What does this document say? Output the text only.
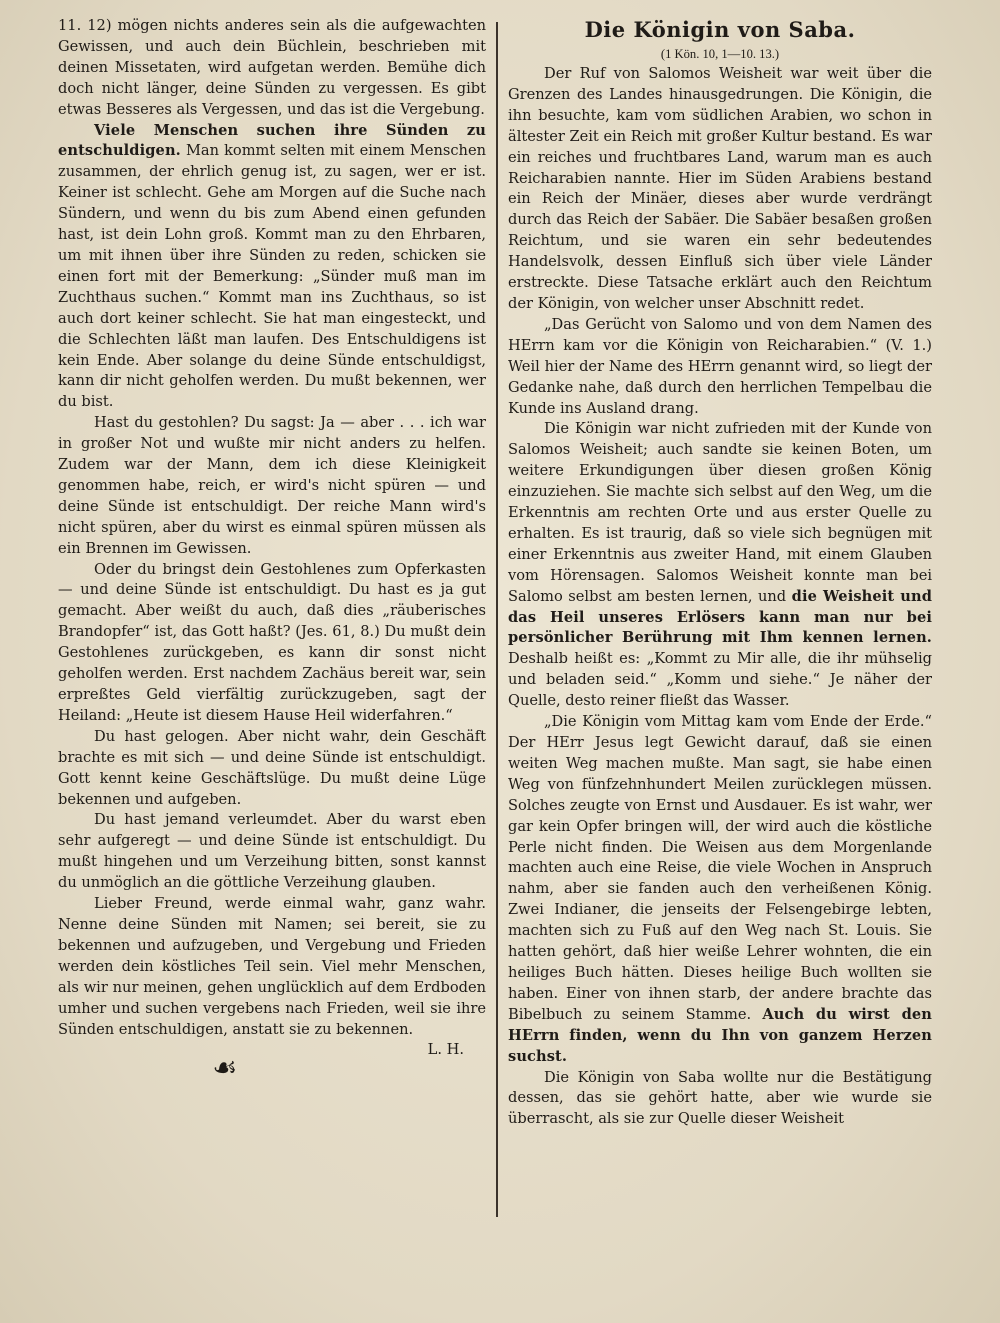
11. 12) mögen nichts anderes sein als die aufgewachten Gewissen, und auch dein Büchlein, beschrieben mit deinen Missetaten, wird aufgetan werden. Bemühe dich doch nicht länger, deine Sünden zu vergessen. Es gibt etwas Besseres als Vergessen, und das ist die Vergebung.

Viele Menschen suchen ihre Sünden zu entschuldigen. Man kommt selten mit einem Menschen zusammen, der ehrlich genug ist, zu sagen, wer er ist. Keiner ist schlecht. Gehe am Morgen auf die Suche nach Sündern, und wenn du bis zum Abend einen gefunden hast, ist dein Lohn groß. Kommt man zu den Ehrbaren, um mit ihnen über ihre Sünden zu reden, schicken sie einen fort mit der Bemerkung: „Sünder muß man im Zuchthaus suchen.“ Kommt man ins Zuchthaus, so ist auch dort keiner schlecht. Sie hat man eingesteckt, und die Schlechten läßt man laufen. Des Entschuldigens ist kein Ende. Aber solange du deine Sünde entschuldigst, kann dir nicht geholfen werden. Du mußt bekennen, wer du bist.

Hast du gestohlen? Du sagst: Ja — aber . . . ich war in großer Not und wußte mir nicht anders zu helfen. Zudem war der Mann, dem ich diese Kleinigkeit genommen habe, reich, er wird's nicht spüren — und deine Sünde ist entschuldigt. Der reiche Mann wird's nicht spüren, aber du wirst es einmal spüren müssen als ein Brennen im Gewissen.

Oder du bringst dein Gestohlenes zum Opferkasten — und deine Sünde ist entschuldigt. Du hast es ja gut gemacht. Aber weißt du auch, daß dies „räuberisches Brandopfer“ ist, das Gott haßt? (Jes. 61, 8.) Du mußt dein Gestohlenes zurückgeben, es kann dir sonst nicht geholfen werden. Erst nachdem Zachäus bereit war, sein erpreßtes Geld vierfältig zurückzugeben, sagt der Heiland: „Heute ist diesem Hause Heil widerfahren.“

Du hast gelogen. Aber nicht wahr, dein Geschäft brachte es mit sich — und deine Sünde ist entschuldigt. Gott kennt keine Geschäftslüge. Du mußt deine Lüge bekennen und aufgeben.

Du hast jemand verleumdet. Aber du warst eben sehr aufgeregt — und deine Sünde ist entschuldigt. Du mußt hingehen und um Verzeihung bitten, sonst kannst du unmöglich an die göttliche Verzeihung glauben.

Lieber Freund, werde einmal wahr, ganz wahr. Nenne deine Sünden mit Namen; sei bereit, sie zu bekennen und aufzugeben, und Vergebung und Frieden werden dein köstliches Teil sein. Viel mehr Menschen, als wir nur meinen, gehen unglücklich auf dem Erdboden umher und suchen vergebens nach Frieden, weil sie ihre Sünden entschuldigen, anstatt sie zu bekennen.
L. H.

☙
Die Königin von Saba.
(1 Kön. 10, 1—10. 13.)

Der Ruf von Salomos Weisheit war weit über die Grenzen des Landes hinausgedrungen. Die Königin, die ihn besuchte, kam vom südlichen Arabien, wo schon in ältester Zeit ein Reich mit großer Kultur bestand. Es war ein reiches und fruchtbares Land, warum man es auch Reicharabien nannte. Hier im Süden Arabiens bestand ein Reich der Minäer, dieses aber wurde verdrängt durch das Reich der Sabäer. Die Sabäer besaßen großen Reichtum, und sie waren ein sehr bedeutendes Handelsvolk, dessen Einfluß sich über viele Länder erstreckte. Diese Tatsache erklärt auch den Reichtum der Königin, von welcher unser Abschnitt redet.

„Das Gerücht von Salomo und von dem Namen des HErrn kam vor die Königin von Reicharabien.“ (V. 1.) Weil hier der Name des HErrn genannt wird, so liegt der Gedanke nahe, daß durch den herrlichen Tempelbau die Kunde ins Ausland drang.

Die Königin war nicht zufrieden mit der Kunde von Salomos Weisheit; auch sandte sie keinen Boten, um weitere Erkundigungen über diesen großen König einzuziehen. Sie machte sich selbst auf den Weg, um die Erkenntnis am rechten Orte und aus erster Quelle zu erhalten. Es ist traurig, daß so viele sich begnügen mit einer Erkenntnis aus zweiter Hand, mit einem Glauben vom Hörensagen. Salomos Weisheit konnte man bei Salomo selbst am besten lernen, und die Weisheit und das Heil unseres Erlösers kann man nur bei persönlicher Berührung mit Ihm kennen lernen. Deshalb heißt es: „Kommt zu Mir alle, die ihr mühselig und beladen seid.“ „Komm und siehe.“ Je näher der Quelle, desto reiner fließt das Wasser.

„Die Königin vom Mittag kam vom Ende der Erde.“ Der HErr Jesus legt Gewicht darauf, daß sie einen weiten Weg machen mußte. Man sagt, sie habe einen Weg von fünfzehnhundert Meilen zurücklegen müssen. Solches zeugte von Ernst und Ausdauer. Es ist wahr, wer gar kein Opfer bringen will, der wird auch die köstliche Perle nicht finden. Die Weisen aus dem Morgenlande machten auch eine Reise, die viele Wochen in Anspruch nahm, aber sie fanden auch den verheißenen König. Zwei Indianer, die jenseits der Felsengebirge lebten, machten sich zu Fuß auf den Weg nach St. Louis. Sie hatten gehört, daß hier weiße Lehrer wohnten, die ein heiliges Buch hätten. Dieses heilige Buch wollten sie haben. Einer von ihnen starb, der andere brachte das Bibelbuch zu seinem Stamme. Auch du wirst den HErrn finden, wenn du Ihn von ganzem Herzen suchst.

Die Königin von Saba wollte nur die Bestätigung dessen, das sie gehört hatte, aber wie wurde sie überrascht, als sie zur Quelle dieser Weisheit
